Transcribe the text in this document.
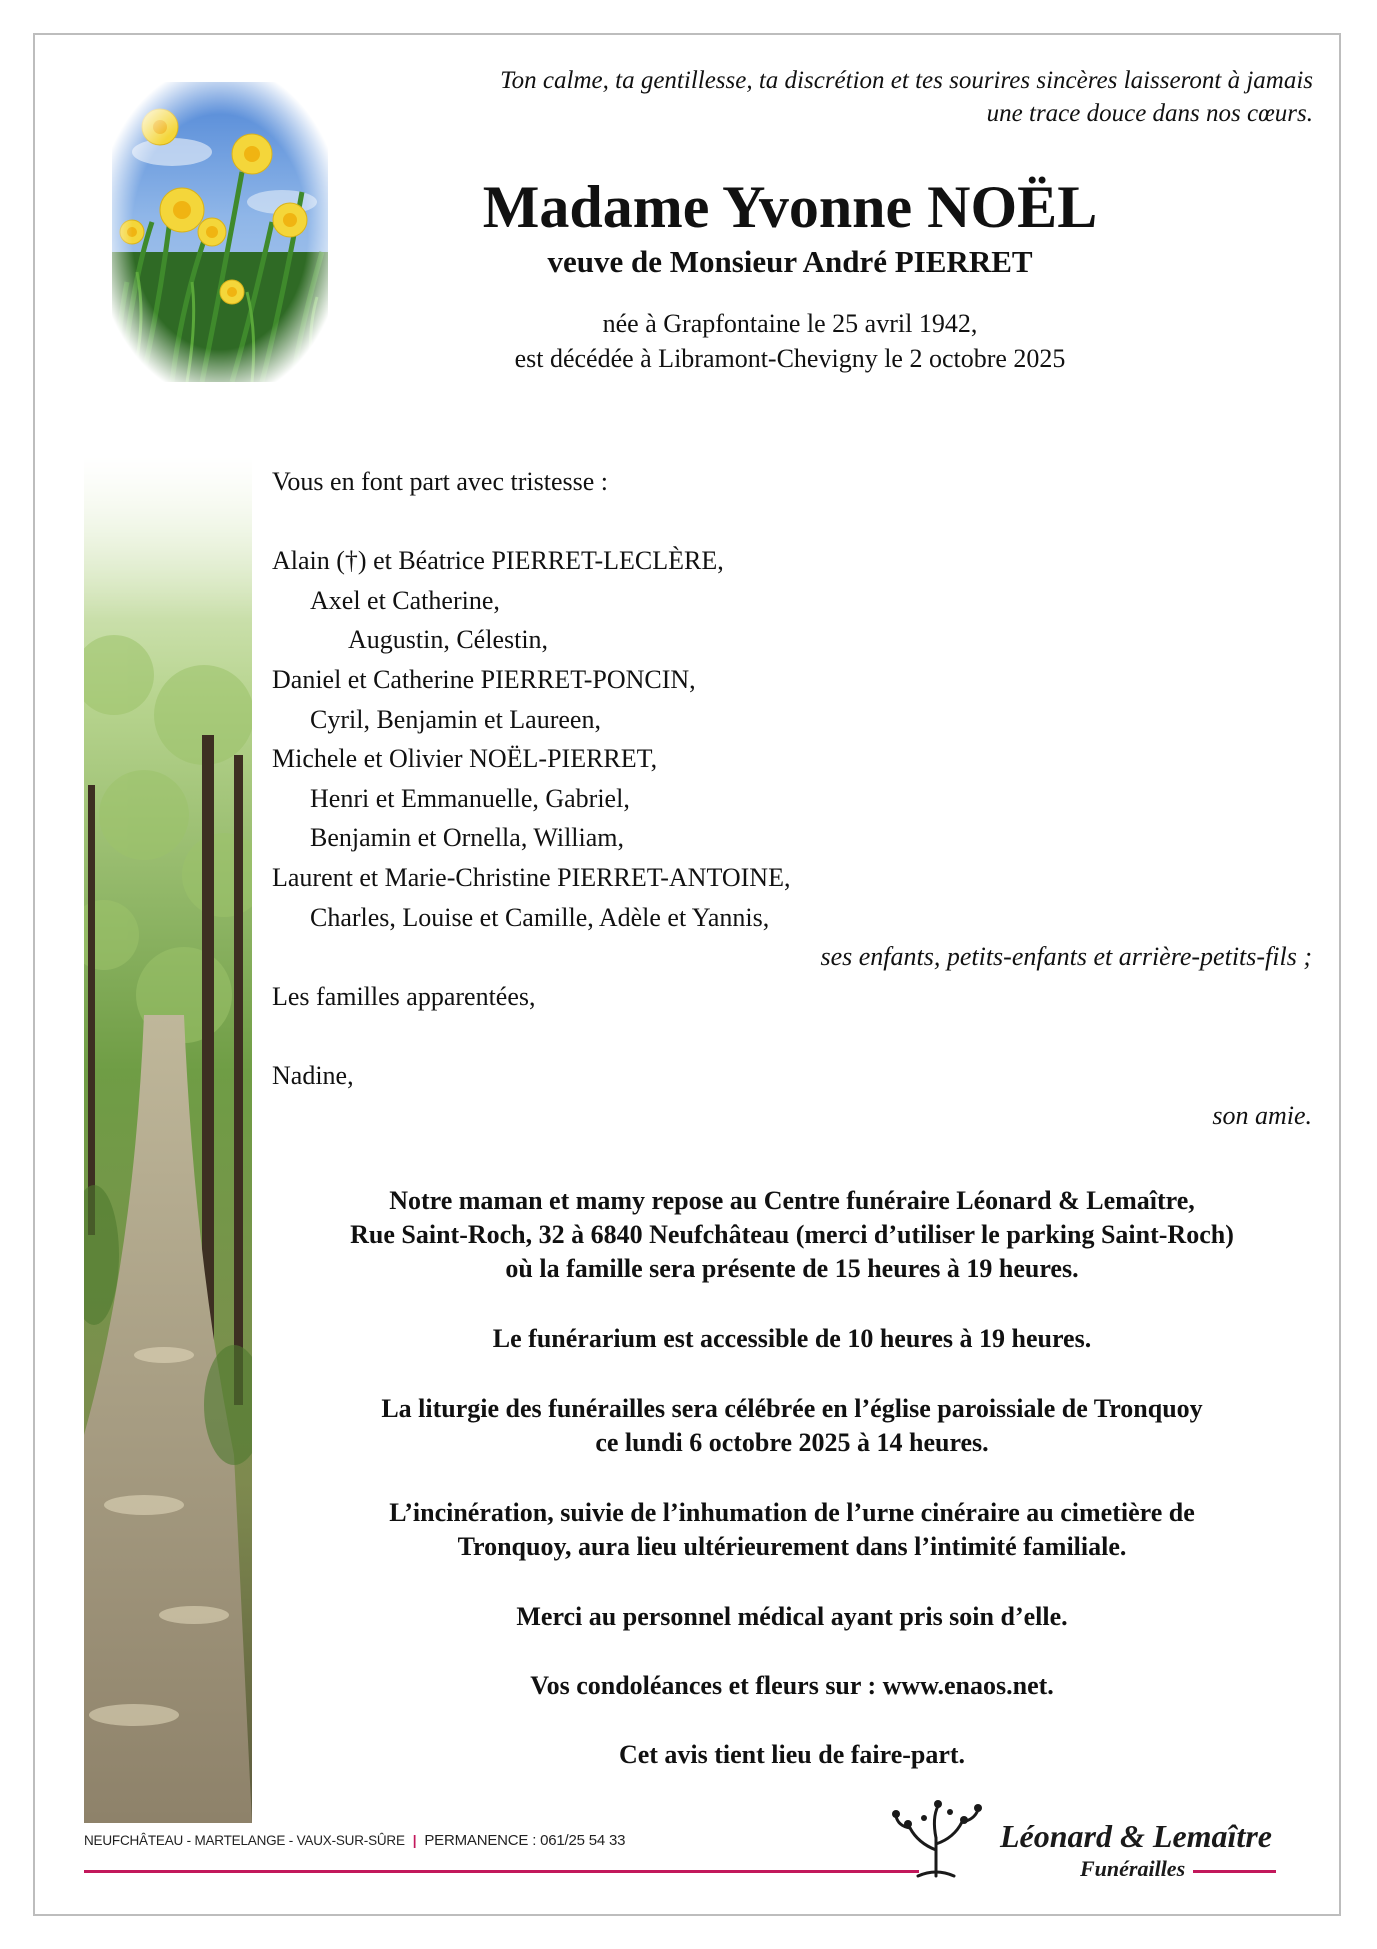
Ton calme, ta gentillesse, ta discrétion et tes sourires sincères laisseront à jamais
une trace douce dans nos cœurs.
Madame Yvonne NOËL
veuve de Monsieur André PIERRET
née à Grapfontaine le 25 avril 1942,
est décédée à Libramont-Chevigny le 2 octobre 2025
Vous en font part avec tristesse :
Alain (†) et Béatrice PIERRET-LECLÈRE,
Axel et Catherine,
Augustin, Célestin,
Daniel et Catherine PIERRET-PONCIN,
Cyril, Benjamin et Laureen,
Michele et Olivier NOËL-PIERRET,
Henri et Emmanuelle, Gabriel,
Benjamin et Ornella, William,
Laurent et Marie-Christine PIERRET-ANTOINE,
Charles, Louise et Camille, Adèle et Yannis,
ses enfants, petits-enfants et arrière-petits-fils ;
Les familles apparentées,
Nadine,
son amie.
Notre maman et mamy repose au Centre funéraire Léonard & Lemaître,
Rue Saint-Roch, 32 à 6840 Neufchâteau (merci d’utiliser le parking Saint-Roch)
où la famille sera présente de 15 heures à 19 heures.
Le funérarium est accessible de 10 heures à 19 heures.
La liturgie des funérailles sera célébrée en l’église paroissiale de Tronquoy
ce lundi 6 octobre 2025 à 14 heures.
L’incinération, suivie de l’inhumation de l’urne cinéraire au cimetière de
Tronquoy, aura lieu ultérieurement dans l’intimité familiale.
Merci au personnel médical ayant pris soin d’elle.
Vos condoléances et fleurs sur : www.enaos.net.
Cet avis tient lieu de faire-part.
NEUFCHÂTEAU - MARTELANGE - VAUX-SUR-SÛRE | PERMANENCE : 061/25 54 33	Léonard & Lemaître
Funérailles
